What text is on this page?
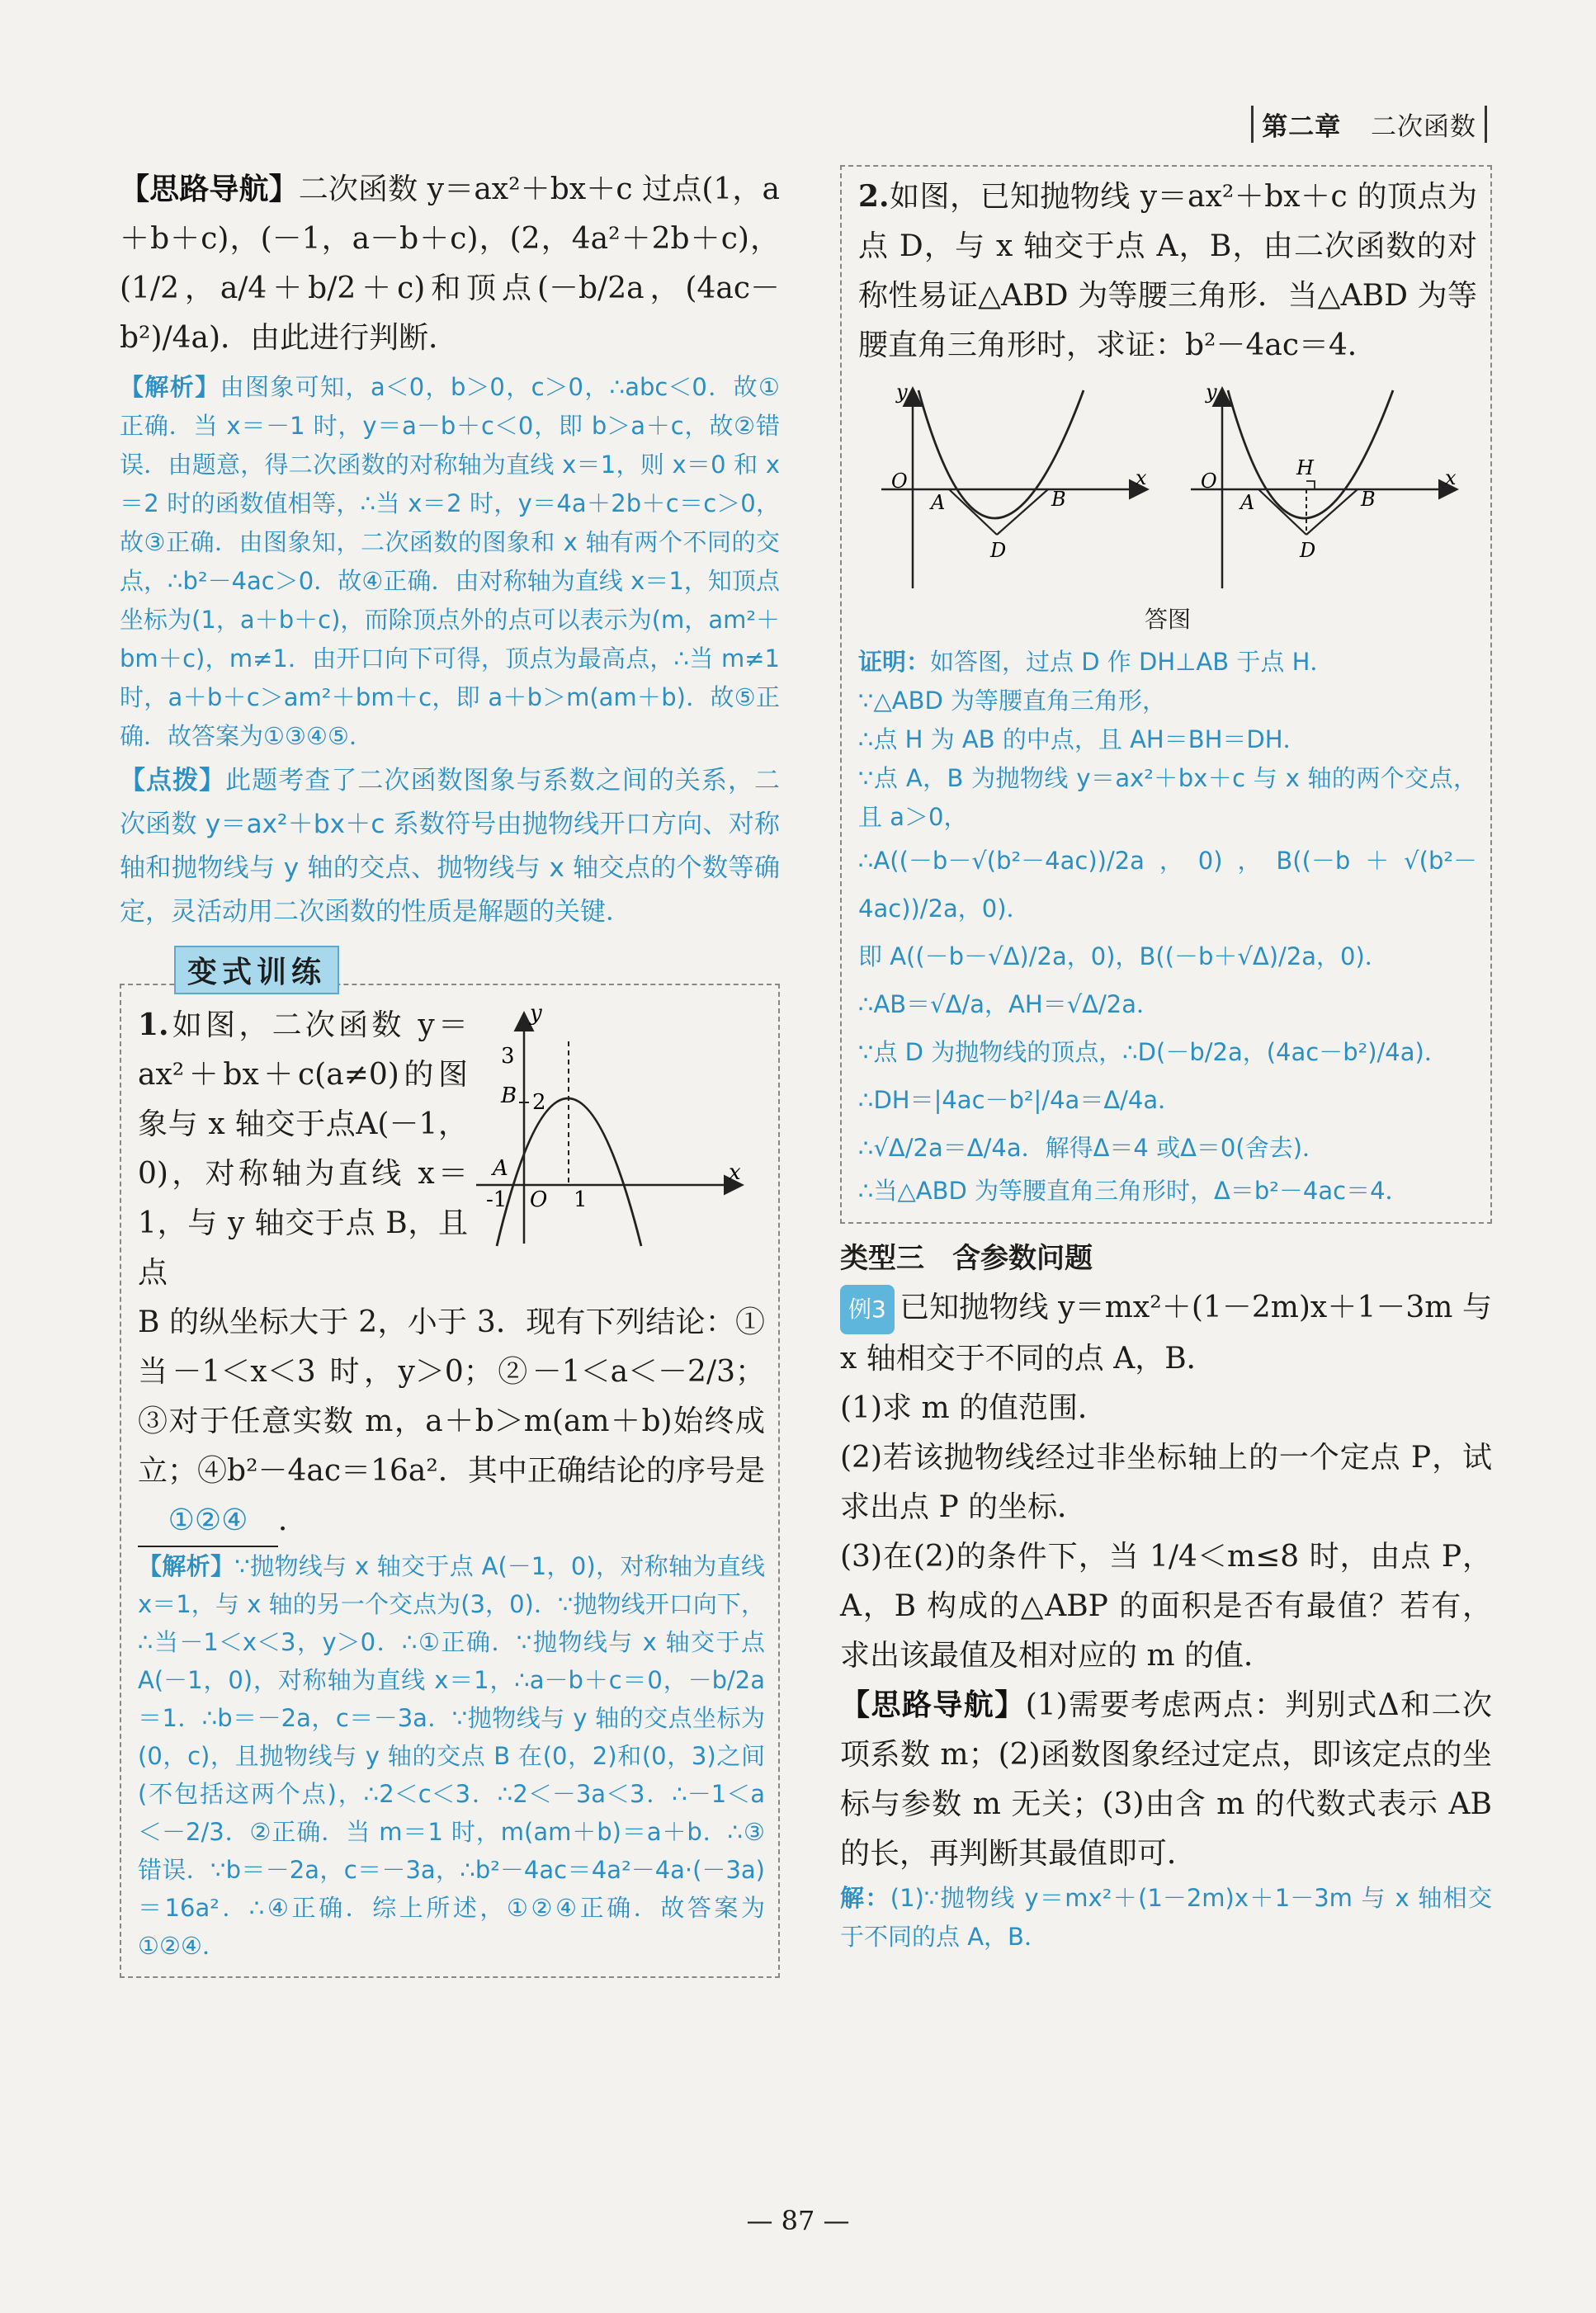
第二章 二次函数

【思路导航】二次函数 y＝ax²＋bx＋c 过点(1，a＋b＋c)，(－1，a－b＋c)，(2，4a²＋2b＋c)，(1/2，a/4＋b/2＋c)和顶点(－b/2a，(4ac－b²)/4a)．由此进行判断．

【解析】由图象可知，a＜0，b＞0，c＞0，∴abc＜0．故①正确．当 x＝－1 时，y＝a－b＋c＜0，即 b＞a＋c，故②错误．由题意，得二次函数的对称轴为直线 x＝1，则 x＝0 和 x＝2 时的函数值相等，∴当 x＝2 时，y＝4a＋2b＋c＝c＞0，故③正确．由图象知，二次函数的图象和 x 轴有两个不同的交点，∴b²－4ac＞0．故④正确．由对称轴为直线 x＝1，知顶点坐标为(1，a＋b＋c)，而除顶点外的点可以表示为(m，am²＋bm＋c)，m≠1．由开口向下可得，顶点为最高点，∴当 m≠1 时，a＋b＋c＞am²＋bm＋c，即 a＋b＞m(am＋b)．故⑤正确．故答案为①③④⑤．

【点拨】此题考查了二次函数图象与系数之间的关系，二次函数 y＝ax²＋bx＋c 系数符号由抛物线开口方向、对称轴和抛物线与 y 轴的交点、抛物线与 x 轴交点的个数等确定，灵活动用二次函数的性质是解题的关键．

变式训练

1.如图，二次函数 y＝ax²＋bx＋c(a≠0)的图象与 x 轴交于点A(－1，0)，对称轴为直线 x＝1，与 y 轴交于点 B，且点

y
x
3
2
B
A
-1 O 1

B 的纵坐标大于 2，小于 3．现有下列结论：①当－1＜x＜3 时，y＞0；②－1＜a＜－2/3；③对于任意实数 m，a＋b＞m(am＋b)始终成立；④b²－4ac＝16a²．其中正确结论的序号是①②④ ．

【解析】∵抛物线与 x 轴交于点 A(－1，0)，对称轴为直线 x＝1，与 x 轴的另一个交点为(3，0)．∵抛物线开口向下，∴当－1＜x＜3，y＞0．∴①正确．∵抛物线与 x 轴交于点 A(－1，0)，对称轴为直线 x＝1，∴a－b＋c＝0，－b/2a＝1．∴b＝－2a，c＝－3a．∵抛物线与 y 轴的交点坐标为(0，c)，且抛物线与 y 轴的交点 B 在(0，2)和(0，3)之间(不包括这两个点)，∴2＜c＜3．∴2＜－3a＜3．∴－1＜a＜－2/3．②正确．当 m＝1 时，m(am＋b)＝a＋b．∴③错误．∵b＝－2a，c＝－3a，∴b²－4ac＝4a²－4a·(－3a)＝16a²．∴④正确．综上所述，①②④正确．故答案为①②④．

2.如图，已知抛物线 y＝ax²＋bx＋c 的顶点为点 D，与 x 轴交于点 A，B，由二次函数的对称性易证△ABD 为等腰三角形．当△ABD 为等腰直角三角形时，求证：b²－4ac＝4．

y
x
O
A	B
D
y
x
O
A	B
D
H
答图

证明：如答图，过点 D 作 DH⊥AB 于点 H．

∵△ABD 为等腰直角三角形，

∴点 H 为 AB 的中点，且 AH＝BH＝DH．

∵点 A，B 为抛物线 y＝ax²＋bx＋c 与 x 轴的两个交点，且 a＞0，

∴A((－b－√(b²－4ac))/2a，0)，B((－b＋√(b²－4ac))/2a，0)．

即 A((－b－√Δ)/2a，0)，B((－b＋√Δ)/2a，0)．

∴AB＝√Δ/a，AH＝√Δ/2a．

∵点 D 为抛物线的顶点，∴D(－b/2a，(4ac－b²)/4a)．

∴DH＝|4ac－b²|/4a＝Δ/4a．

∴√Δ/2a＝Δ/4a．解得Δ＝4 或Δ＝0(舍去)．

∴当△ABD 为等腰直角三角形时，Δ＝b²－4ac＝4．

类型三　含参数问题

例3 已知抛物线 y＝mx²＋(1－2m)x＋1－3m 与 x 轴相交于不同的点 A，B．

(1)求 m 的值范围．

(2)若该抛物线经过非坐标轴上的一个定点 P，试求出点 P 的坐标．

(3)在(2)的条件下，当 1/4＜m≤8 时，由点 P，A，B 构成的△ABP 的面积是否有最值？若有，求出该最值及相对应的 m 的值．

【思路导航】(1)需要考虑两点：判别式Δ和二次项系数 m；(2)函数图象经过定点，即该定点的坐标与参数 m 无关；(3)由含 m 的代数式表示 AB 的长，再判断其最值即可．

解：(1)∵抛物线 y＝mx²＋(1－2m)x＋1－3m 与 x 轴相交于不同的点 A，B．

— 87 —
